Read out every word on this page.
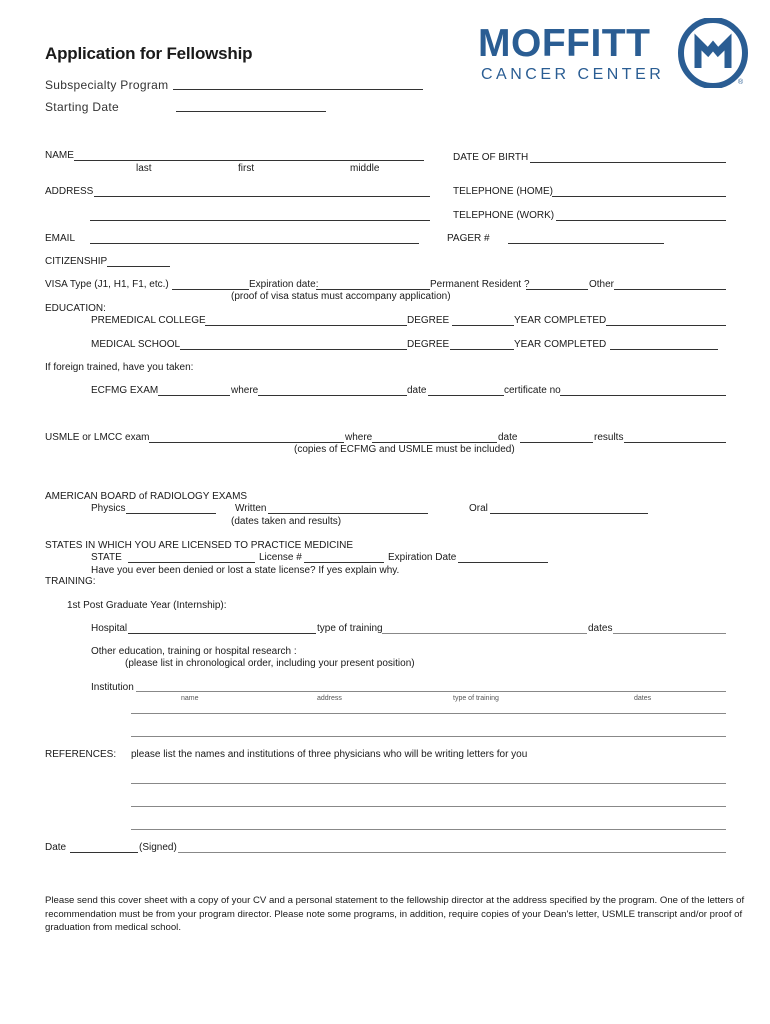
MOFFITT
CANCER CENTER	®
Application for Fellowship
Subspecialty Program
Starting Date
NAME
last	first	middle
DATE OF BIRTH
ADDRESS	TELEPHONE (HOME)
TELEPHONE (WORK)
EMAIL	PAGER #
CITIZENSHIP
VISA Type (J1, H1, F1, etc.)	Expiration date:	Permanent Resident ?	Other
(proof of visa status must accompany application)
EDUCATION:
PREMEDICAL COLLEGE	DEGREE	YEAR COMPLETED
MEDICAL SCHOOL	DEGREE	YEAR COMPLETED
If foreign trained, have you taken:
ECFMG EXAM	where	date	certificate no
USMLE or LMCC exam	where	date	results
(copies of ECFMG and USMLE must be included)
AMERICAN BOARD of RADIOLOGY EXAMS
Physics	Written	Oral
(dates taken and results)
STATES IN WHICH YOU ARE LICENSED TO PRACTICE MEDICINE
STATE	License #	Expiration Date
Have you ever been denied or lost a state license? If yes explain why.
TRAINING:
1st Post Graduate Year (Internship):
Hospital	type of training	dates
Other education, training or hospital research :
(please list in chronological order, including your present position)
Institution
name	address	type of training	dates
REFERENCES: please list the names and institutions of three physicians who will be writing letters for you
Date	(Signed)
Please send this cover sheet with a copy of your CV and a personal statement to the fellowship director at the address specified by the program. One of the letters of
recommendation must be from your program director. Please note some programs, in addition, require copies of your Dean's letter, USMLE transcript and/or proof of
graduation from medical school.
